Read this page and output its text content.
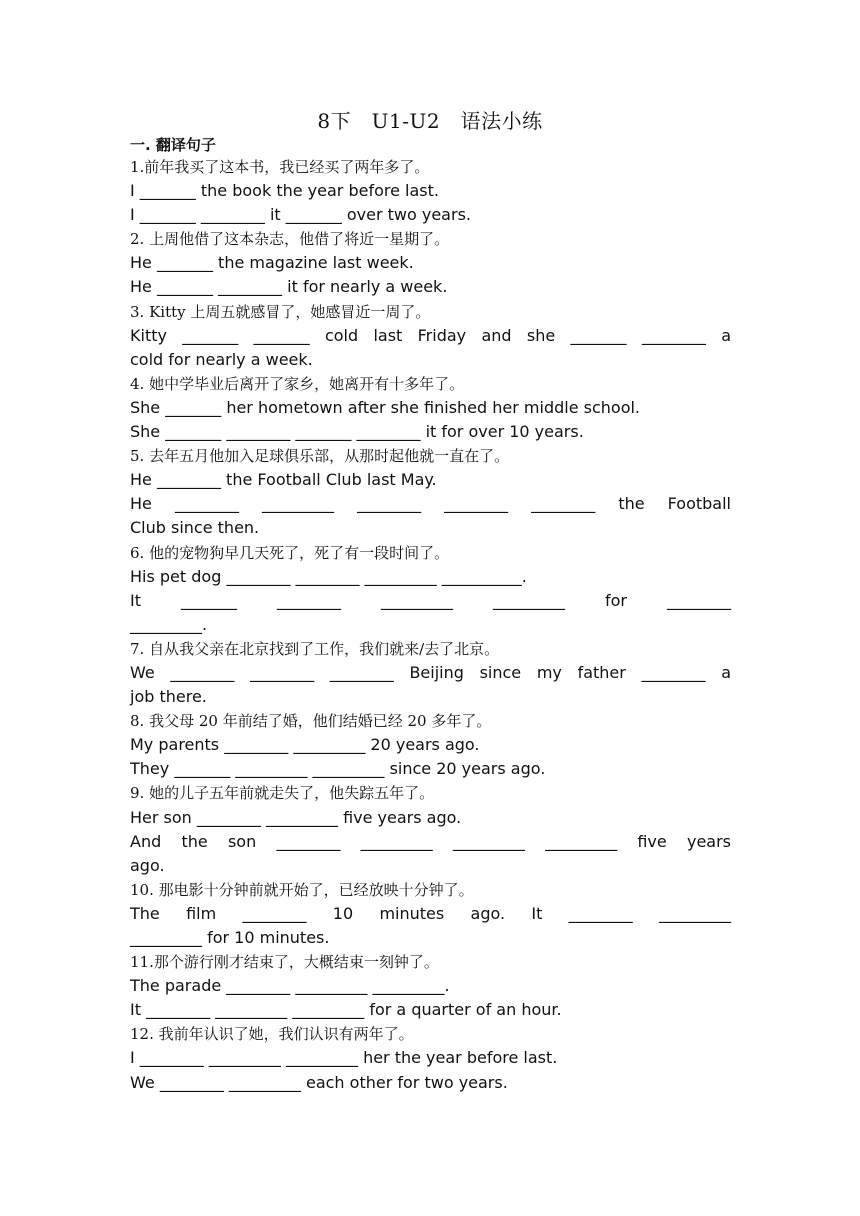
8下   U1-U2   语法小练
一. 翻译句子
1.前年我买了这本书，我已经买了两年多了。
I _______ the book the year before last.
I _______ ________ it _______ over two years.
2. 上周他借了这本杂志，他借了将近一星期了。
He _______ the magazine last week.
He _______ ________ it for nearly a week.
3. Kitty 上周五就感冒了，她感冒近一周了。
Kitty _______ _______ cold last Friday and she _______ ________ a
cold for nearly a week.
4. 她中学毕业后离开了家乡，她离开有十多年了。
She _______ her hometown after she finished her middle school.
She _______ ________ _______ ________ it for over 10 years.
5. 去年五月他加入足球俱乐部，从那时起他就一直在了。
He ________ the Football Club last May.
He ________ _________ ________ ________ ________ the Football
Club since then.
6. 他的宠物狗早几天死了，死了有一段时间了。
His pet dog ________ ________ _________ __________.
It _______ ________ _________ _________ for ________
_________.
7. 自从我父亲在北京找到了工作，我们就来/去了北京。
We ________ ________ ________ Beijing since my father ________ a
job there.
8. 我父母 20 年前结了婚，他们结婚已经 20 多年了。
My parents ________ _________ 20 years ago.
They _______ _________ _________ since 20 years ago.
9. 她的儿子五年前就走失了，他失踪五年了。
Her son ________ _________ five years ago.
And the son ________ _________ _________ _________ five years
ago.
10. 那电影十分钟前就开始了，已经放映十分钟了。
The film ________ 10 minutes ago. It ________ _________
_________ for 10 minutes.
11.那个游行刚才结束了，大概结束一刻钟了。
The parade ________ _________ _________.
It ________ _________ _________ for a quarter of an hour.
12. 我前年认识了她，我们认识有两年了。
I ________ _________ _________ her the year before last.
We ________ _________ each other for two years.
